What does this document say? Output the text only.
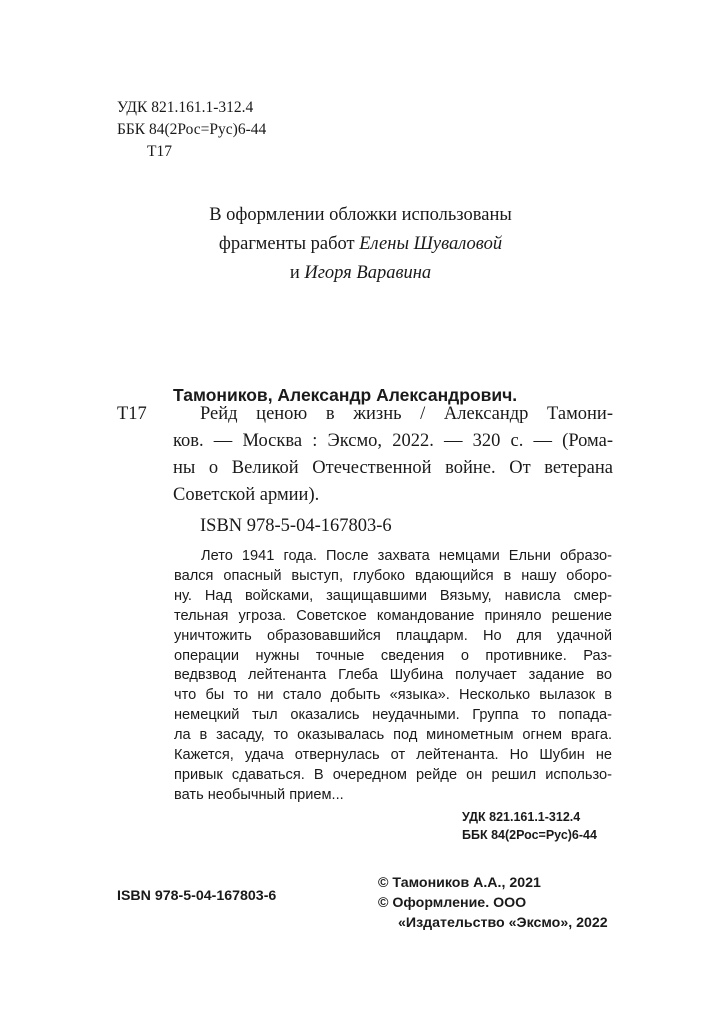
УДК 821.161.1-312.4
ББК 84(2Рос=Рус)6-44
Т17
В оформлении обложки использованы
фрагменты работ Елены Шуваловой
и Игоря Варавина
Тамоников, Александр Александрович.
Т17	Рейд ценою в жизнь / Александр Тамони-
ков. — Москва : Эксмо, 2022. — 320 с. — (Рома-
ны о Великой Отечественной войне. От ветерана
Советской армии).
ISBN 978-5-04-167803-6
Лето 1941 года. После захвата немцами Ельни образо-
вался опасный выступ, глубоко вдающийся в нашу оборо-
ну. Над войсками, защищавшими Вязьму, нависла смер-
тельная угроза. Советское командование приняло решение
уничтожить образовавшийся плацдарм. Но для удачной
операции нужны точные сведения о противнике. Раз-
ведвзвод лейтенанта Глеба Шубина получает задание во
что бы то ни стало добыть «языка». Несколько вылазок в
немецкий тыл оказались неудачными. Группа то попада-
ла в засаду, то оказывалась под минометным огнем врага.
Кажется, удача отвернулась от лейтенанта. Но Шубин не
привык сдаваться. В очередном рейде он решил использо-
вать необычный прием...
УДК 821.161.1-312.4
ББК 84(2Рос=Рус)6-44
ISBN 978-5-04-167803-6
© Тамоников А.А., 2021
© Оформление. ООО
«Издательство «Эксмо», 2022
